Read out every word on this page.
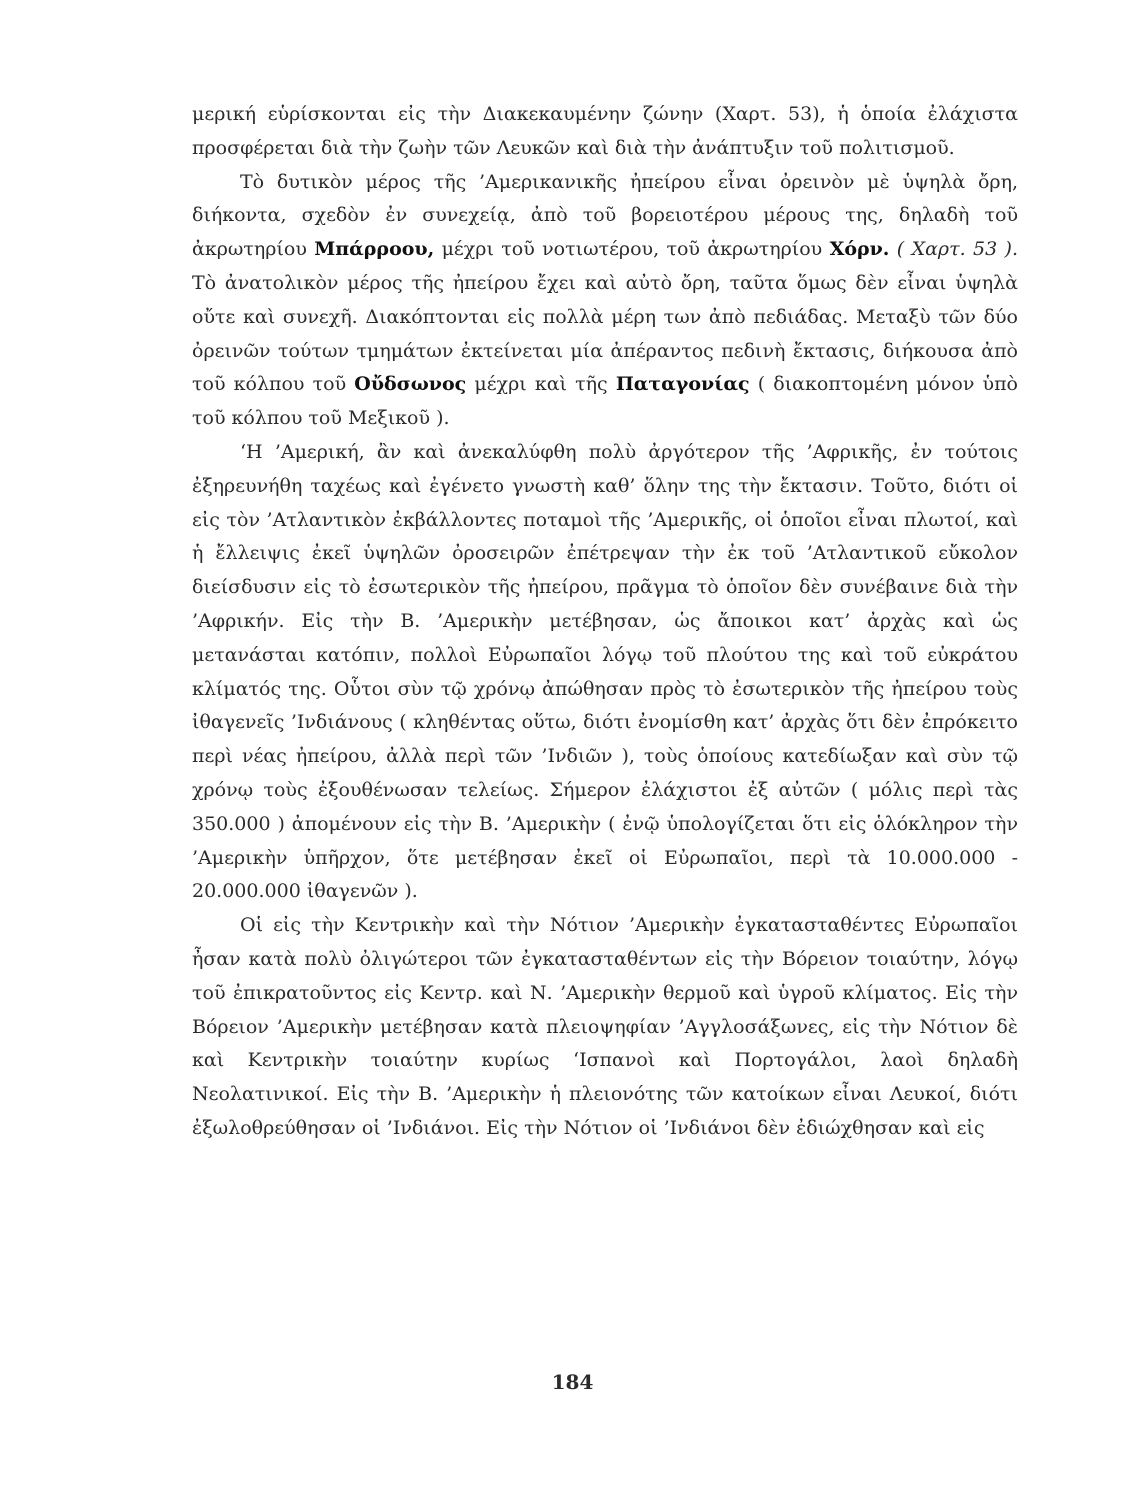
μερική εὑρίσκονται εἰς τὴν Διακεκαυμένην ζώνην (Χαρτ. 53), ἡ ὁποία ἐλάχιστα προσφέρεται διὰ τὴν ζωὴν τῶν Λευκῶν καὶ διὰ τὴν ἀνάπτυξιν τοῦ πολιτισμοῦ.

Τὸ δυτικὸν μέρος τῆς ’Αμερικανικῆς ἠπείρου εἶναι ὀρεινὸν μὲ ὑψηλὰ ὄρη, διήκοντα, σχεδὸν ἐν συνεχείᾳ, ἀπὸ τοῦ βορειοτέρου μέρους της, δηλαδὴ τοῦ ἀκρωτηρίου Μπάρροου, μέχρι τοῦ νοτιωτέρου, τοῦ ἀκρωτηρίου Χόρν. ( Χαρτ. 53 ). Τὸ ἀνατολικὸν μέρος τῆς ἠπείρου ἔχει καὶ αὐτὸ ὄρη, ταῦτα ὅμως δὲν εἶναι ὑψηλὰ οὔτε καὶ συνεχῆ. Διακόπτονται εἰς πολλὰ μέρη των ἀπὸ πεδιάδας. Μεταξὺ τῶν δύο ὀρεινῶν τούτων τμημάτων ἐκτείνεται μία ἀπέραντος πεδινὴ ἔκτασις, διήκουσα ἀπὸ τοῦ κόλπου τοῦ Οὔδσωνος μέχρι καὶ τῆς Παταγονίας ( διακοπτομένη μόνον ὑπὸ τοῦ κόλπου τοῦ Μεξικοῦ ).

‘Η ’Αμερική, ἂν καὶ ἀνεκαλύφθη πολὺ ἀργότερον τῆς ’Αφρικῆς, ἐν τούτοις ἐξηρευνήθη ταχέως καὶ ἐγένετο γνωστὴ καθ’ ὅλην της τὴν ἔκτασιν. Τοῦτο, διότι οἱ εἰς τὸν ’Ατλαντικὸν ἐκβάλλοντες ποταμοὶ τῆς ’Αμερικῆς, οἱ ὁποῖοι εἶναι πλωτοί, καὶ ἡ ἔλλειψις ἐκεῖ ὑψηλῶν ὀροσειρῶν ἐπέτρεψαν τὴν ἐκ τοῦ ’Ατλαντικοῦ εὔκολον διείσδυσιν εἰς τὸ ἐσωτερικὸν τῆς ἠπείρου, πρᾶγμα τὸ ὁποῖον δὲν συνέβαινε διὰ τὴν ’Αφρικήν. Εἰς τὴν Β. ’Αμερικὴν μετέβησαν, ὡς ἄποικοι κατ’ ἀρχὰς καὶ ὡς μετανάσται κατόπιν, πολλοὶ Εὐρωπαῖοι λόγῳ τοῦ πλούτου της καὶ τοῦ εὐκράτου κλίματός της. Οὗτοι σὺν τῷ χρόνῳ ἀπώθησαν πρὸς τὸ ἐσωτερικὸν τῆς ἠπείρου τοὺς ἰθαγενεῖς ’Ινδιάνους ( κληθέντας οὕτω, διότι ἐνομίσθη κατ’ ἀρχὰς ὅτι δὲν ἐπρόκειτο περὶ νέας ἠπείρου, ἀλλὰ περὶ τῶν ’Ινδιῶν ), τοὺς ὁποίους κατεδίωξαν καὶ σὺν τῷ χρόνῳ τοὺς ἐξουθένωσαν τελείως. Σήμερον ἐλάχιστοι ἐξ αὐτῶν ( μόλις περὶ τὰς 350.000 ) ἀπομένουν εἰς τὴν Β. ’Αμερικὴν ( ἐνῷ ὑπολογίζεται ὅτι εἰς ὁλόκληρον τὴν ’Αμερικὴν ὑπῆρχον, ὅτε μετέβησαν ἐκεῖ οἱ Εὐρωπαῖοι, περὶ τὰ 10.000.000 - 20.000.000 ἰθαγενῶν ).

Οἱ εἰς τὴν Κεντρικὴν καὶ τὴν Νότιον ’Αμερικὴν ἐγκατασταθέντες Εὐρωπαῖοι ἦσαν κατὰ πολὺ ὀλιγώτεροι τῶν ἐγκατασταθέντων εἰς τὴν Βόρειον τοιαύτην, λόγῳ τοῦ ἐπικρατοῦντος εἰς Κεντρ. καὶ Ν. ’Αμερικὴν θερμοῦ καὶ ὑγροῦ κλίματος. Εἰς τὴν Βόρειον ’Αμερικὴν μετέβησαν κατὰ πλειοψηφίαν ’Αγγλοσάξωνες, εἰς τὴν Νότιον δὲ καὶ Κεντρικὴν τοιαύτην κυρίως ‘Ισπανοὶ καὶ Πορτογάλοι, λαοὶ δηλαδὴ Νεολατινικοί. Εἰς τὴν Β. ’Αμερικὴν ἡ πλειονότης τῶν κατοίκων εἶναι Λευκοί, διότι ἐξωλοθρεύθησαν οἱ ’Ινδιάνοι. Εἰς τὴν Νότιον οἱ ’Ινδιάνοι δὲν ἐδιώχθησαν καὶ εἰς

184
